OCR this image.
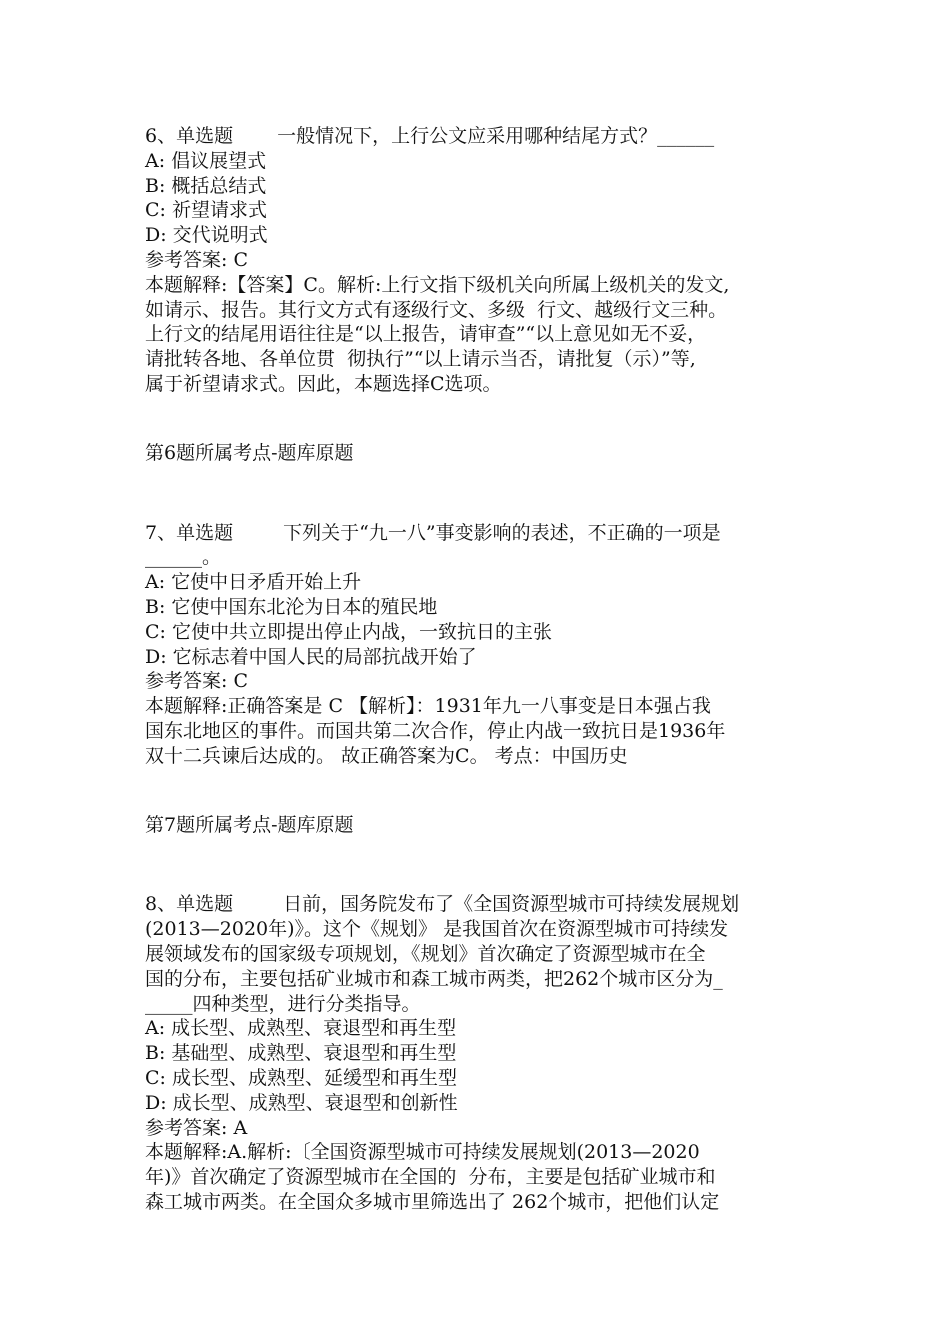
6、单选题　　 一般情况下，上行公文应采用哪种结尾方式？______
A: 倡议展望式
B: 概括总结式
C: 祈望请求式
D: 交代说明式
参考答案: C
本题解释:【答案】C。解析:上行文指下级机关向所属上级机关的发文,
如请示、报告。其行文方式有逐级行文、多级  行文、越级行文三种。
上行文的结尾用语往往是“以上报告，请审查”“以上意见如无不妥，
请批转各地、各单位贯  彻执行”“以上请示当否，请批复（示）”等,
属于祈望请求式。因此，本题选择C选项。
第6题所属考点-题库原题
7、单选题　　  下列关于“九一八”事变影响的表述，不正确的一项是
______。
A: 它使中日矛盾开始上升
B: 它使中国东北沦为日本的殖民地
C: 它使中共立即提出停止内战，一致抗日的主张
D: 它标志着中国人民的局部抗战开始了
参考答案: C
本题解释:正确答案是 C 【解析】：1931年九一八事变是日本强占我
国东北地区的事件。而国共第二次合作，停止内战一致抗日是1936年
双十二兵谏后达成的。 故正确答案为C。 考点：中国历史
第7题所属考点-题库原题
8、单选题　　  日前，国务院发布了《全国资源型城市可持续发展规划
(2013—2020年)》。这个《规划》 是我国首次在资源型城市可持续发
展领域发布的国家级专项规划，《规划》首次确定了资源型城市在全
国的分布，主要包括矿业城市和森工城市两类，把262个城市区分为_
_____四种类型，进行分类指导。
A: 成长型、成熟型、衰退型和再生型
B: 基础型、成熟型、衰退型和再生型
C: 成长型、成熟型、延缓型和再生型
D: 成长型、成熟型、衰退型和创新性
参考答案: A
本题解释:A.解析:〔全国资源型城市可持续发展规划(2013—2020
年)》首次确定了资源型城市在全国的  分布，主要是包括矿业城市和
森工城市两类。在全国众多城市里筛选出了 262个城市，把他们认定
